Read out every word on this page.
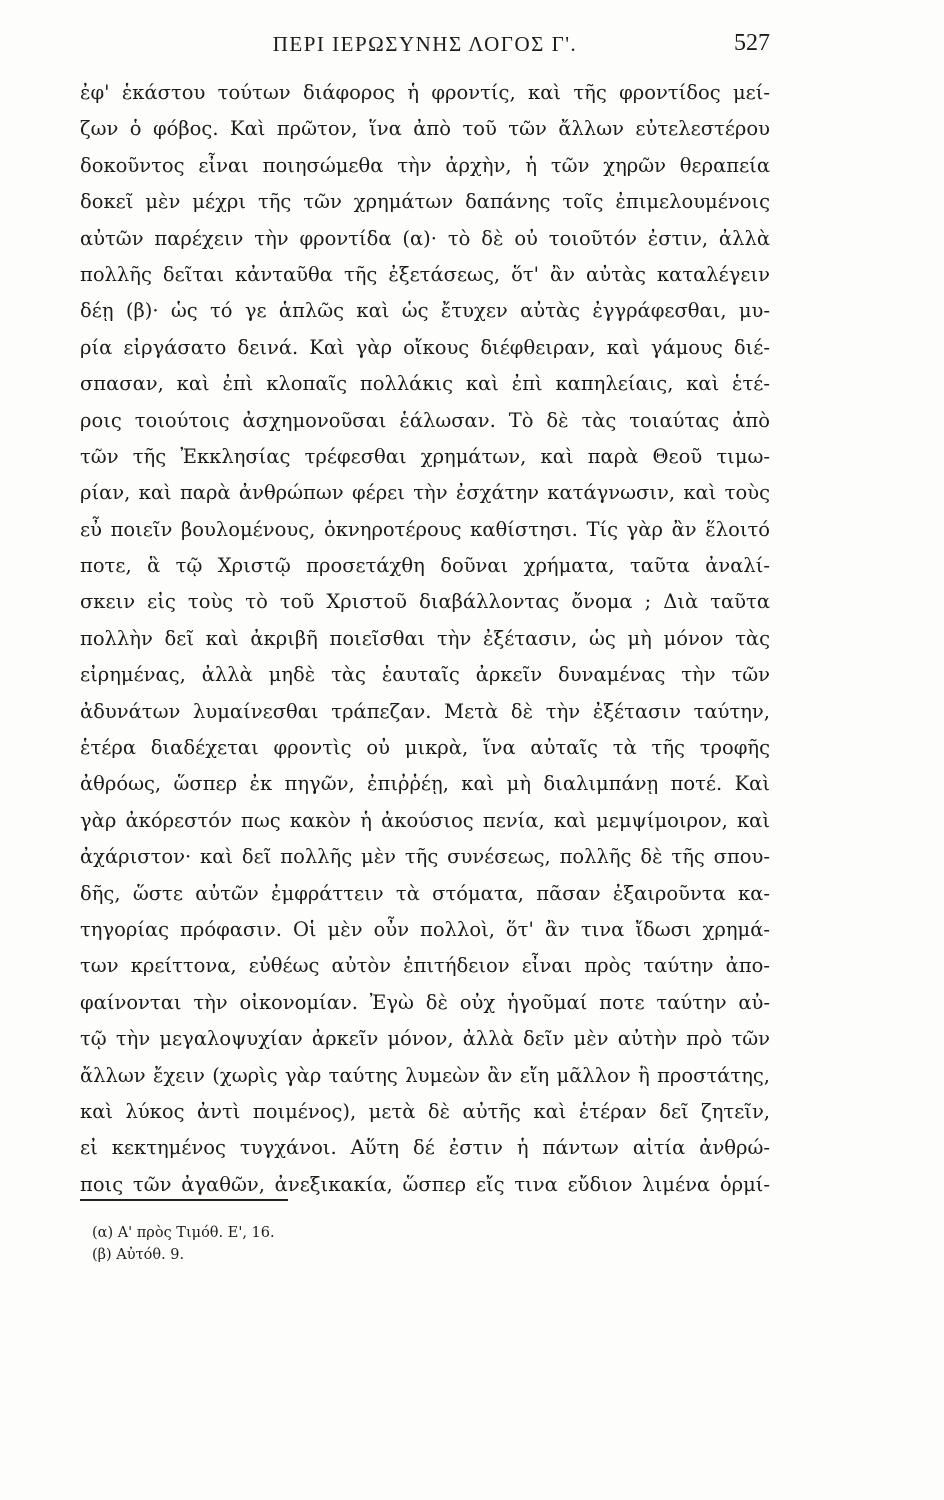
ΠΕΡΙ ΙΕΡΩΣΥΝΗΣ ΛΟΓΟΣ Γ'.	527
ἐφ' ἑκάστου τούτων διάφορος ἡ φροντίς, καὶ τῆς φροντίδος μεί-
ζων ὁ φόβος. Καὶ πρῶτον, ἵνα ἀπὸ τοῦ τῶν ἄλλων εὐτελεστέρου
δοκοῦντος εἶναι ποιησώμεθα τὴν ἀρχὴν, ἡ τῶν χηρῶν θεραπεία
δοκεῖ μὲν μέχρι τῆς τῶν χρημάτων δαπάνης τοῖς ἐπιμελουμένοις
αὐτῶν παρέχειν τὴν φροντίδα (α)· τὸ δὲ οὐ τοιοῦτόν ἐστιν, ἀλλὰ
πολλῆς δεῖται κἀνταῦθα τῆς ἐξετάσεως, ὅτ' ἂν αὐτὰς καταλέγειν
δέῃ (β)· ὡς τό γε ἁπλῶς καὶ ὡς ἔτυχεν αὐτὰς ἐγγράφεσθαι, μυ-
ρία εἰργάσατο δεινά. Καὶ γὰρ οἴκους διέφθειραν, καὶ γάμους διέ-
σπασαν, καὶ ἐπὶ κλοπαῖς πολλάκις καὶ ἐπὶ καπηλείαις, καὶ ἑτέ-
ροις τοιούτοις ἀσχημονοῦσαι ἑάλωσαν. Τὸ δὲ τὰς τοιαύτας ἀπὸ
τῶν τῆς Ἐκκλησίας τρέφεσθαι χρημάτων, καὶ παρὰ Θεοῦ τιμω-
ρίαν, καὶ παρὰ ἀνθρώπων φέρει τὴν ἐσχάτην κατάγνωσιν, καὶ τοὺς
εὖ ποιεῖν βουλομένους, ὀκνηροτέρους καθίστησι. Τίς γὰρ ἂν ἕλοιτό
ποτε, ἃ τῷ Χριστῷ προσετάχθη δοῦναι χρήματα, ταῦτα ἀναλί-
σκειν εἰς τοὺς τὸ τοῦ Χριστοῦ διαβάλλοντας ὄνομα ; Διὰ ταῦτα
πολλὴν δεῖ καὶ ἀκριβῆ ποιεῖσθαι τὴν ἐξέτασιν, ὡς μὴ μόνον τὰς
εἰρημένας, ἀλλὰ μηδὲ τὰς ἑαυταῖς ἀρκεῖν δυναμένας τὴν τῶν
ἀδυνάτων λυμαίνεσθαι τράπεζαν. Μετὰ δὲ τὴν ἐξέτασιν ταύτην,
ἑτέρα διαδέχεται φροντὶς οὐ μικρὰ, ἵνα αὐταῖς τὰ τῆς τροφῆς
ἀθρόως, ὥσπερ ἐκ πηγῶν, ἐπιῤῥέῃ, καὶ μὴ διαλιμπάνῃ ποτέ. Καὶ
γὰρ ἀκόρεστόν πως κακὸν ἡ ἀκούσιος πενία, καὶ μεμψίμοιρον, καὶ
ἀχάριστον· καὶ δεῖ πολλῆς μὲν τῆς συνέσεως, πολλῆς δὲ τῆς σπου-
δῆς, ὥστε αὐτῶν ἐμφράττειν τὰ στόματα, πᾶσαν ἐξαιροῦντα κα-
τηγορίας πρόφασιν. Οἱ μὲν οὖν πολλοὶ, ὅτ' ἂν τινα ἴδωσι χρημά-
των κρείττονα, εὐθέως αὐτὸν ἐπιτήδειον εἶναι πρὸς ταύτην ἀπο-
φαίνονται τὴν οἰκονομίαν. Ἐγὼ δὲ οὐχ ἡγοῦμαί ποτε ταύτην αὐ-
τῷ τὴν μεγαλοψυχίαν ἀρκεῖν μόνον, ἀλλὰ δεῖν μὲν αὐτὴν πρὸ τῶν
ἄλλων ἔχειν (χωρὶς γὰρ ταύτης λυμεὼν ἂν εἴη μᾶλλον ἢ προστάτης,
καὶ λύκος ἀντὶ ποιμένος), μετὰ δὲ αὐτῆς καὶ ἑτέραν δεῖ ζητεῖν,
εἰ κεκτημένος τυγχάνοι. Αὕτη δέ ἐστιν ἡ πάντων αἰτία ἀνθρώ-
ποις τῶν ἀγαθῶν, ἀνεξικακία, ὥσπερ εἴς τινα εὔδιον λιμένα ὁρμί-
(α) Α' πρὸς Τιμόθ. Ε', 16.
(β) Αὐτόθ. 9.
